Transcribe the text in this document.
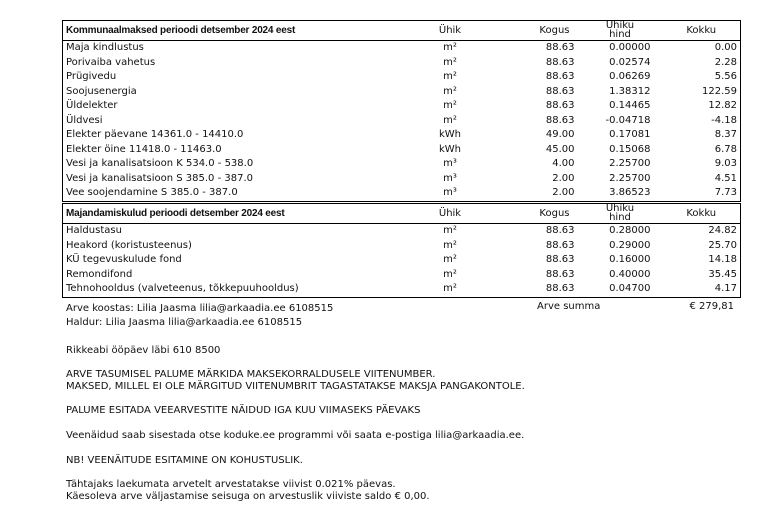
Kommunaalmaksed perioodi detsember 2024 eest	Ühik	Kogus	Ühiku
hind	Kokku
Maja kindlustus	m²	88.63	0.00000	0.00
Porivaiba vahetus	m²	88.63	0.02574	2.28
Prügivedu	m²	88.63	0.06269	5.56
Soojusenergia	m²	88.63	1.38312	122.59
Üldelekter	m²	88.63	0.14465	12.82
Üldvesi	m²	88.63	-0.04718	-4.18
Elekter päevane 14361.0 - 14410.0	kWh	49.00	0.17081	8.37
Elekter öine 11418.0 - 11463.0	kWh	45.00	0.15068	6.78
Vesi ja kanalisatsioon K 534.0 - 538.0	m³	4.00	2.25700	9.03
Vesi ja kanalisatsioon S 385.0 - 387.0	m³	2.00	2.25700	4.51
Vee soojendamine S 385.0 - 387.0	m³	2.00	3.86523	7.73
Majandamiskulud perioodi detsember 2024 eest	Ühik	Kogus	Ühiku
hind	Kokku
Haldustasu	m²	88.63	0.28000	24.82
Heakord (koristusteenus)	m²	88.63	0.29000	25.70
KÜ tegevuskulude fond	m²	88.63	0.16000	14.18
Remondifond	m²	88.63	0.40000	35.45
Tehnohooldus (valveteenus, tõkkepuuhooldus)	m²	88.63	0.04700	4.17
Arve koostas: Lilia Jaasma lilia@arkaadia.ee 6108515
Haldur: Lilia Jaasma lilia@arkaadia.ee 6108515
Arve summa	€ 279,81
Rikkeabi ööpäev läbi 610 8500
ARVE TASUMISEL PALUME MÄRKIDA MAKSEKORRALDUSELE VIITENUMBER.
MAKSED, MILLEL EI OLE MÄRGITUD VIITENUMBRIT TAGASTATAKSE MAKSJA PANGAKONTOLE.
PALUME ESITADA VEEARVESTITE NÄIDUD IGA KUU VIIMASEKS PÄEVAKS
Veenäidud saab sisestada otse koduke.ee programmi või saata e-postiga lilia@arkaadia.ee.
NB! VEENÄITUDE ESITAMINE ON KOHUSTUSLIK.
Tähtajaks laekumata arvetelt arvestatakse viivist 0.021% päevas.
Käesoleva arve väljastamise seisuga on arvestuslik viiviste saldo € 0,00.
